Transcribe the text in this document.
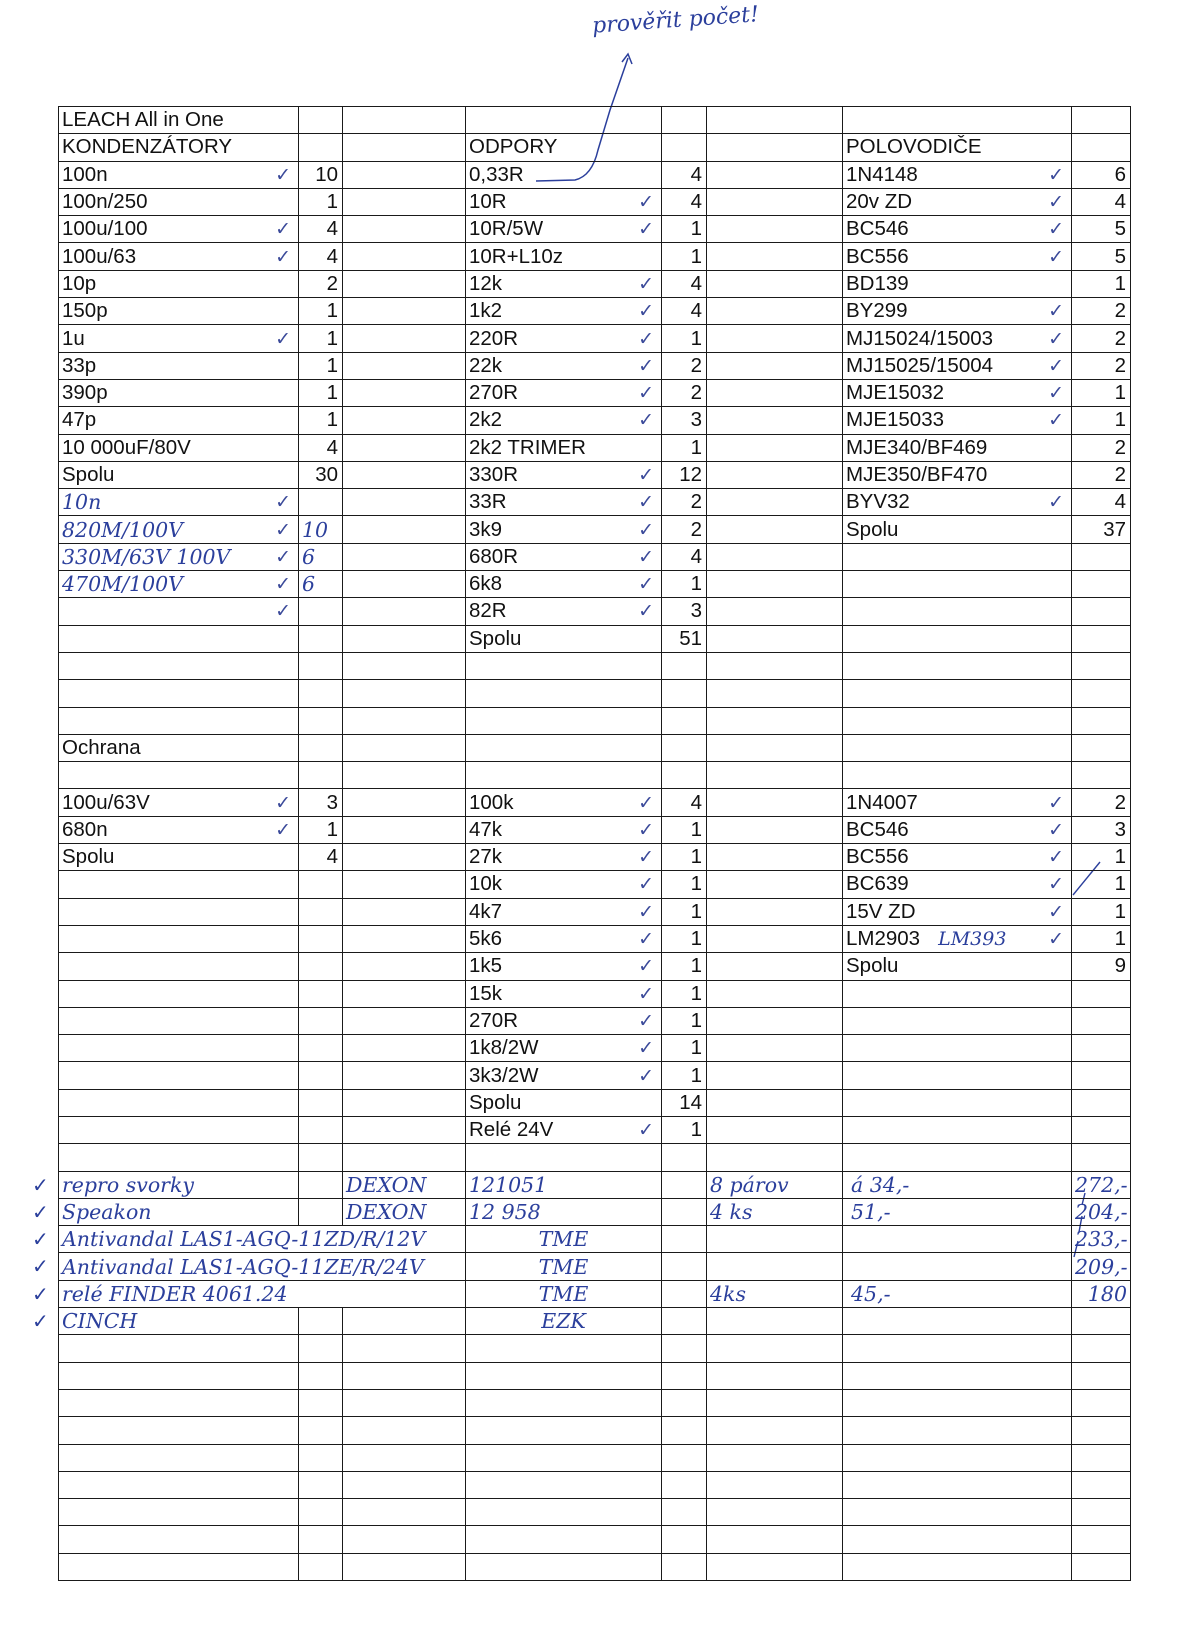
prověřit počet!
LEACH All in One							
KONDENZÁTORY			ODPORY			POLOVODIČE	
100n ✓	10		0,33R	4		1N4148 ✓	6
100n/250	1		10R ✓	4		20v ZD ✓	4
100u/100 ✓	4		10R/5W ✓	1		BC546 ✓	5
100u/63 ✓	4		10R+L10z	1		BC556 ✓	5
10p	2		12k ✓	4		BD139	1
150p	1		1k2 ✓	4		BY299 ✓	2
1u ✓	1		220R ✓	1		MJ15024/15003 ✓	2
33p	1		22k ✓	2		MJ15025/15004 ✓	2
390p	1		270R ✓	2		MJE15032 ✓	1
47p	1		2k2 ✓	3		MJE15033 ✓	1
10 000uF/80V	4		2k2 TRIMER	1		MJE340/BF469	2
Spolu	30		330R ✓	12		MJE350/BF470	2
10n ✓			33R ✓	2		BYV32 ✓	4
820M/100V ✓	10		3k9 ✓	2		Spolu	37
330M/63V 100V ✓	6		680R ✓	4			
470M/100V ✓	6		6k8 ✓	1			

✓			82R ✓	3			
			Spolu	51			

Ochrana							

100u/63V ✓	3		100k ✓	4		1N4007 ✓	2
680n ✓	1		47k ✓	1		BC546 ✓	3
Spolu	4		27k ✓	1		BC556 ✓	1
			10k ✓	1		BC639 ✓	1
			4k7 ✓	1		15V ZD ✓	1
			5k6 ✓	1		LM2903 LM393 ✓	1
			1k5 ✓	1		Spolu	9
			15k ✓	1			
			270R ✓	1			
			1k8/2W ✓	1			
			3k3/2W ✓	1			
			Spolu	14			
			Relé 24V ✓	1			

repro svorky		DEXON	121051		8 párov	á 34,-	272,-
Speakon		DEXON	12 958		4 ks	51,-	204,-
Antivandal LAS1-AGQ-11ZD/R/12V			TME				233,-
Antivandal LAS1-AGQ-11ZE/R/24V			TME				209,-
relé FINDER 4061.24			TME		4ks	45,-	180
CINCH			EZK				

✓
✓
✓
✓
✓
✓
